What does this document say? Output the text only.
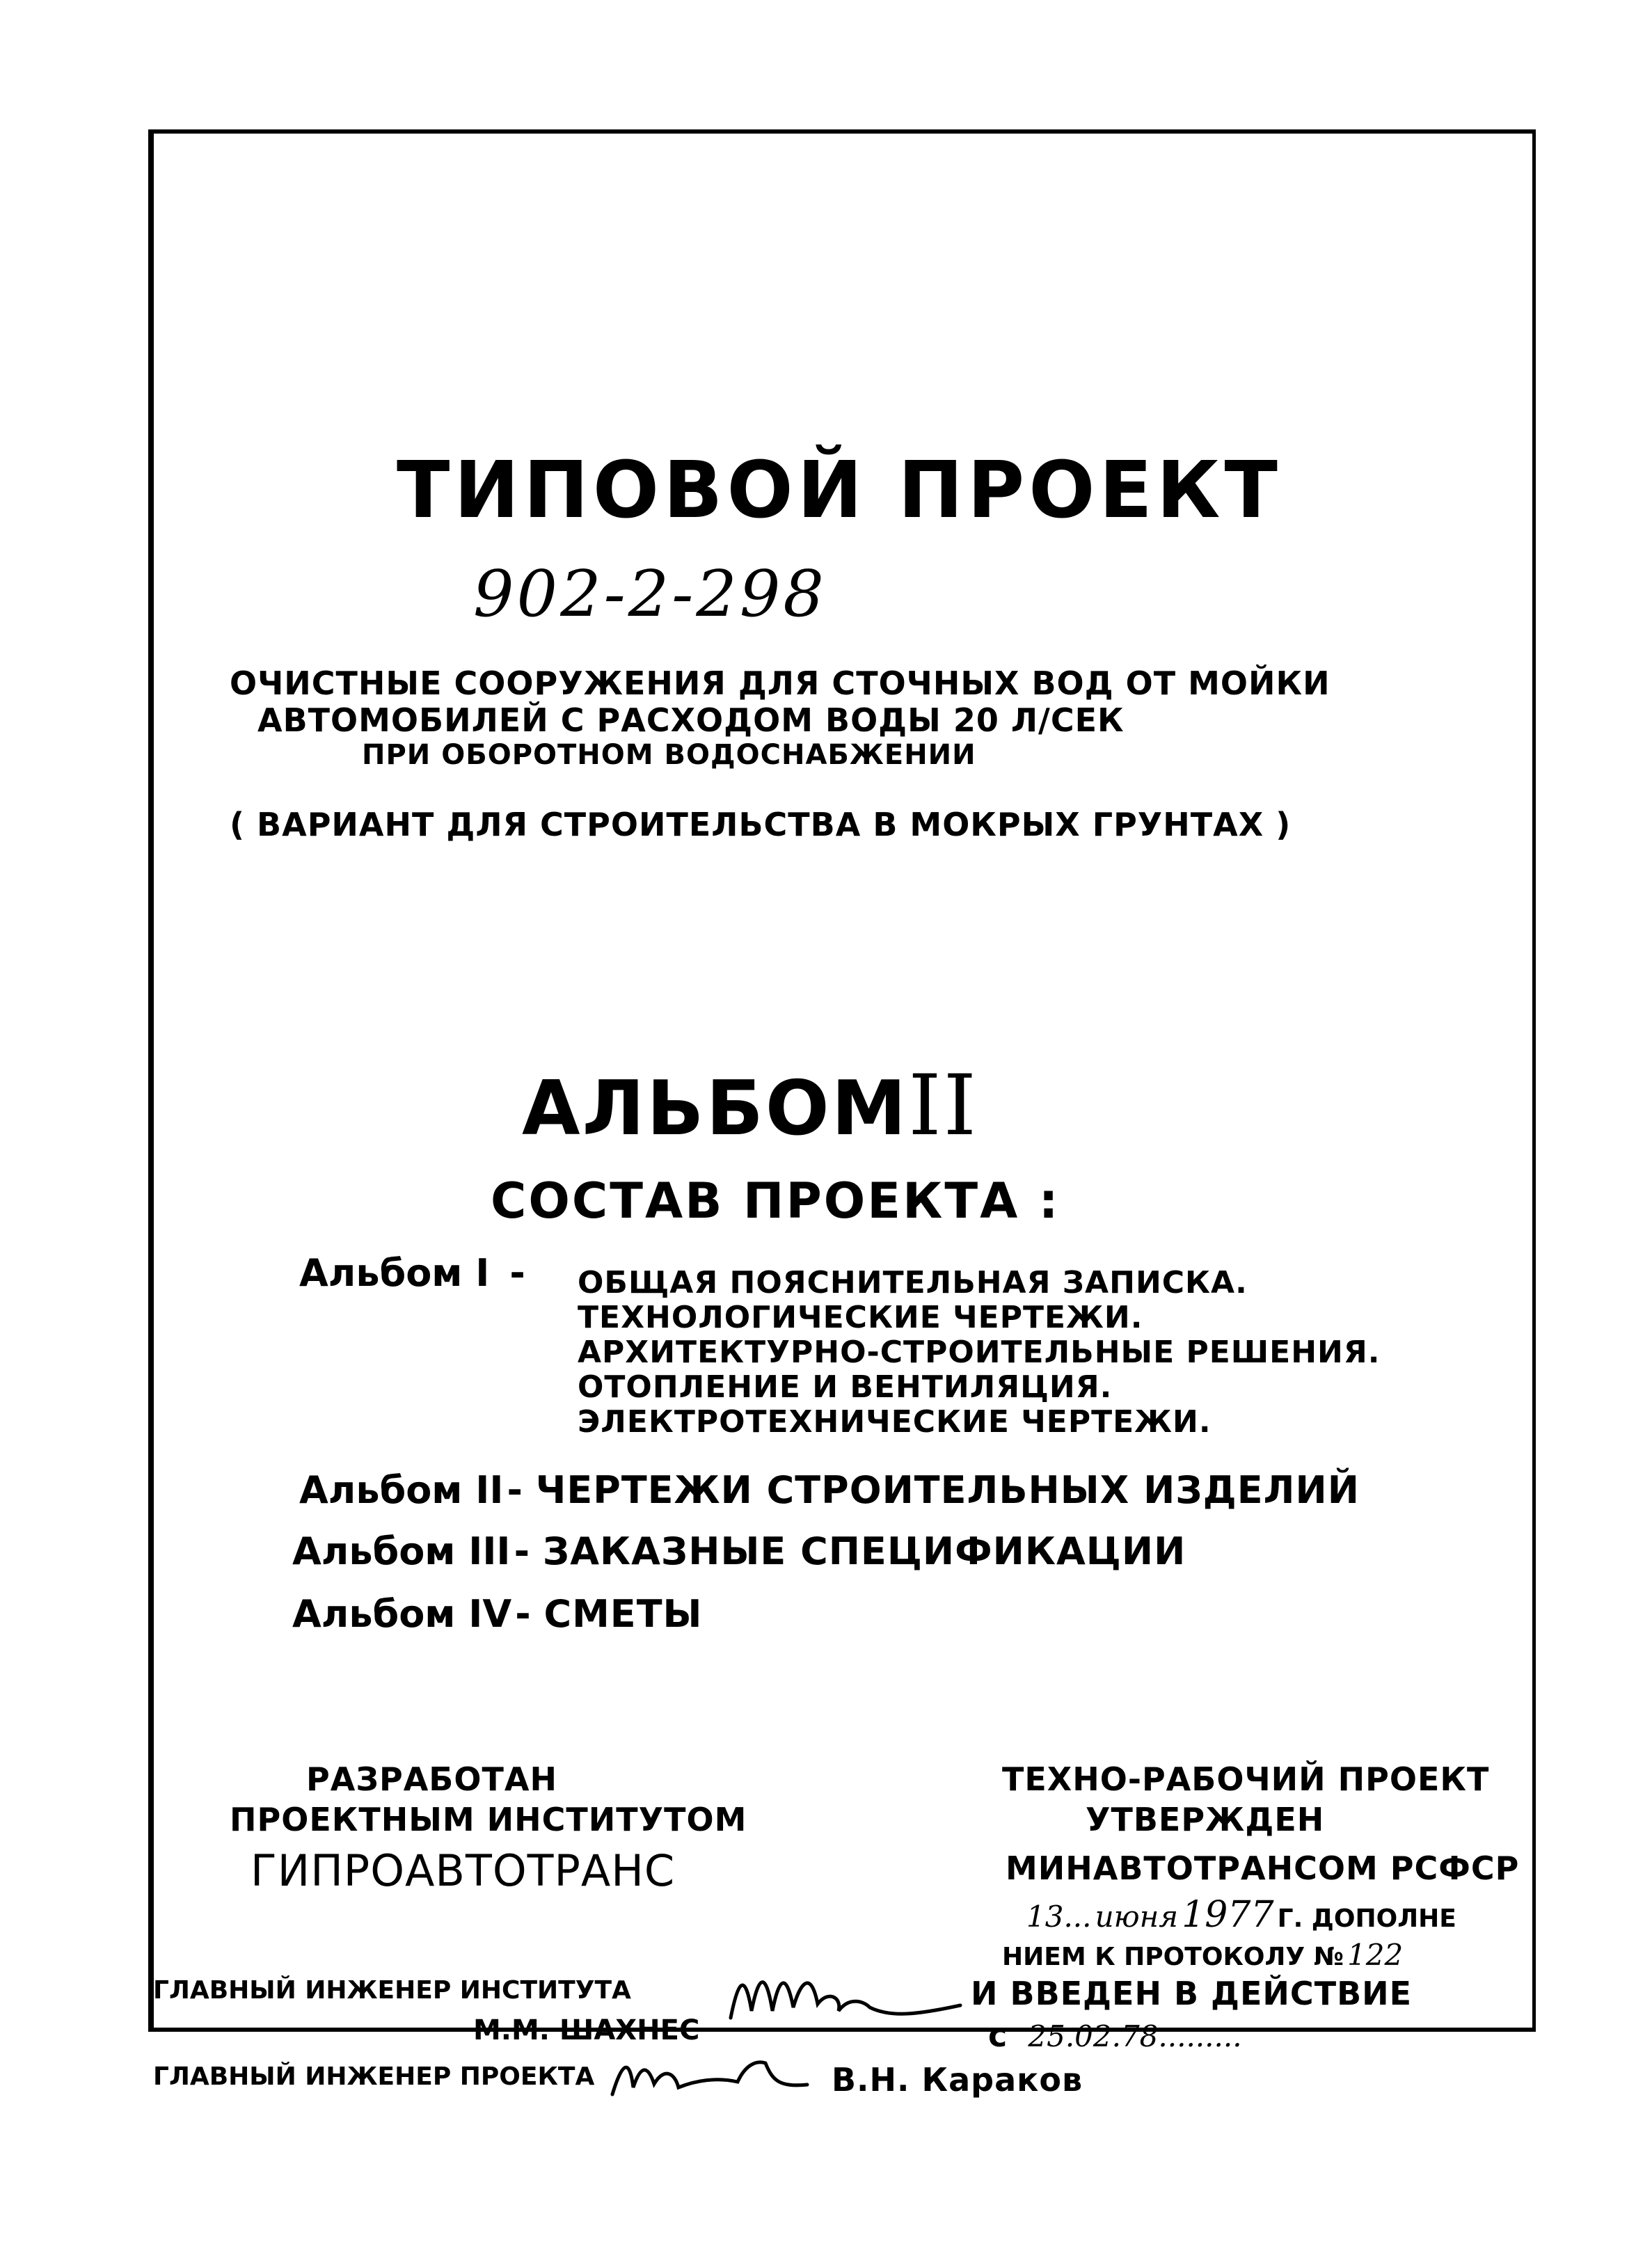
ТИПОВОЙ ПРОЕКТ
902-2-298
ОЧИСТНЫЕ СООРУЖЕНИЯ ДЛЯ СТОЧНЫХ ВОД ОТ МОЙКИ
АВТОМОБИЛЕЙ С РАСХОДОМ ВОДЫ 20 Л/СЕК
ПРИ ОБОРОТНОМ ВОДОСНАБЖЕНИИ
( ВАРИАНТ ДЛЯ СТРОИТЕЛЬСТВА В МОКРЫХ ГРУНТАХ )
АЛЬБОМII
СОСТАВ ПРОЕКТА :
Альбом I - ОБЩАЯ ПОЯСНИТЕЛЬНАЯ ЗАПИСКА.
ТЕХНОЛОГИЧЕСКИЕ ЧЕРТЕЖИ.
АРХИТЕКТУРНО-СТРОИТЕЛЬНЫЕ РЕШЕНИЯ.
ОТОПЛЕНИЕ И ВЕНТИЛЯЦИЯ.
ЭЛЕКТРОТЕХНИЧЕСКИЕ ЧЕРТЕЖИ.
Альбом II - ЧЕРТЕЖИ СТРОИТЕЛЬНЫХ ИЗДЕЛИЙ
Альбом III - ЗАКАЗНЫЕ СПЕЦИФИКАЦИИ
Альбом IV - СМЕТЫ
РАЗРАБОТАН
ПРОЕКТНЫМ ИНСТИТУТОМ
ГИПРОАВТОТРАНС
ТЕХНО-РАБОЧИЙ ПРОЕКТ
УТВЕРЖДЕН
МИНАВТОТРАНСОМ РСФСР
13... июня 1977 Г. ДОПОЛНЕ
НИЕМ К ПРОТОКОЛУ № 122
И ВВЕДЕН В ДЕЙСТВИЕ
с 25.02.78.........
ГЛАВНЫЙ ИНЖЕНЕР ИНСТИТУТА
М.М. ШАХНЕС
ГЛАВНЫЙ ИНЖЕНЕР ПРОЕКТА	В.Н. Караков
